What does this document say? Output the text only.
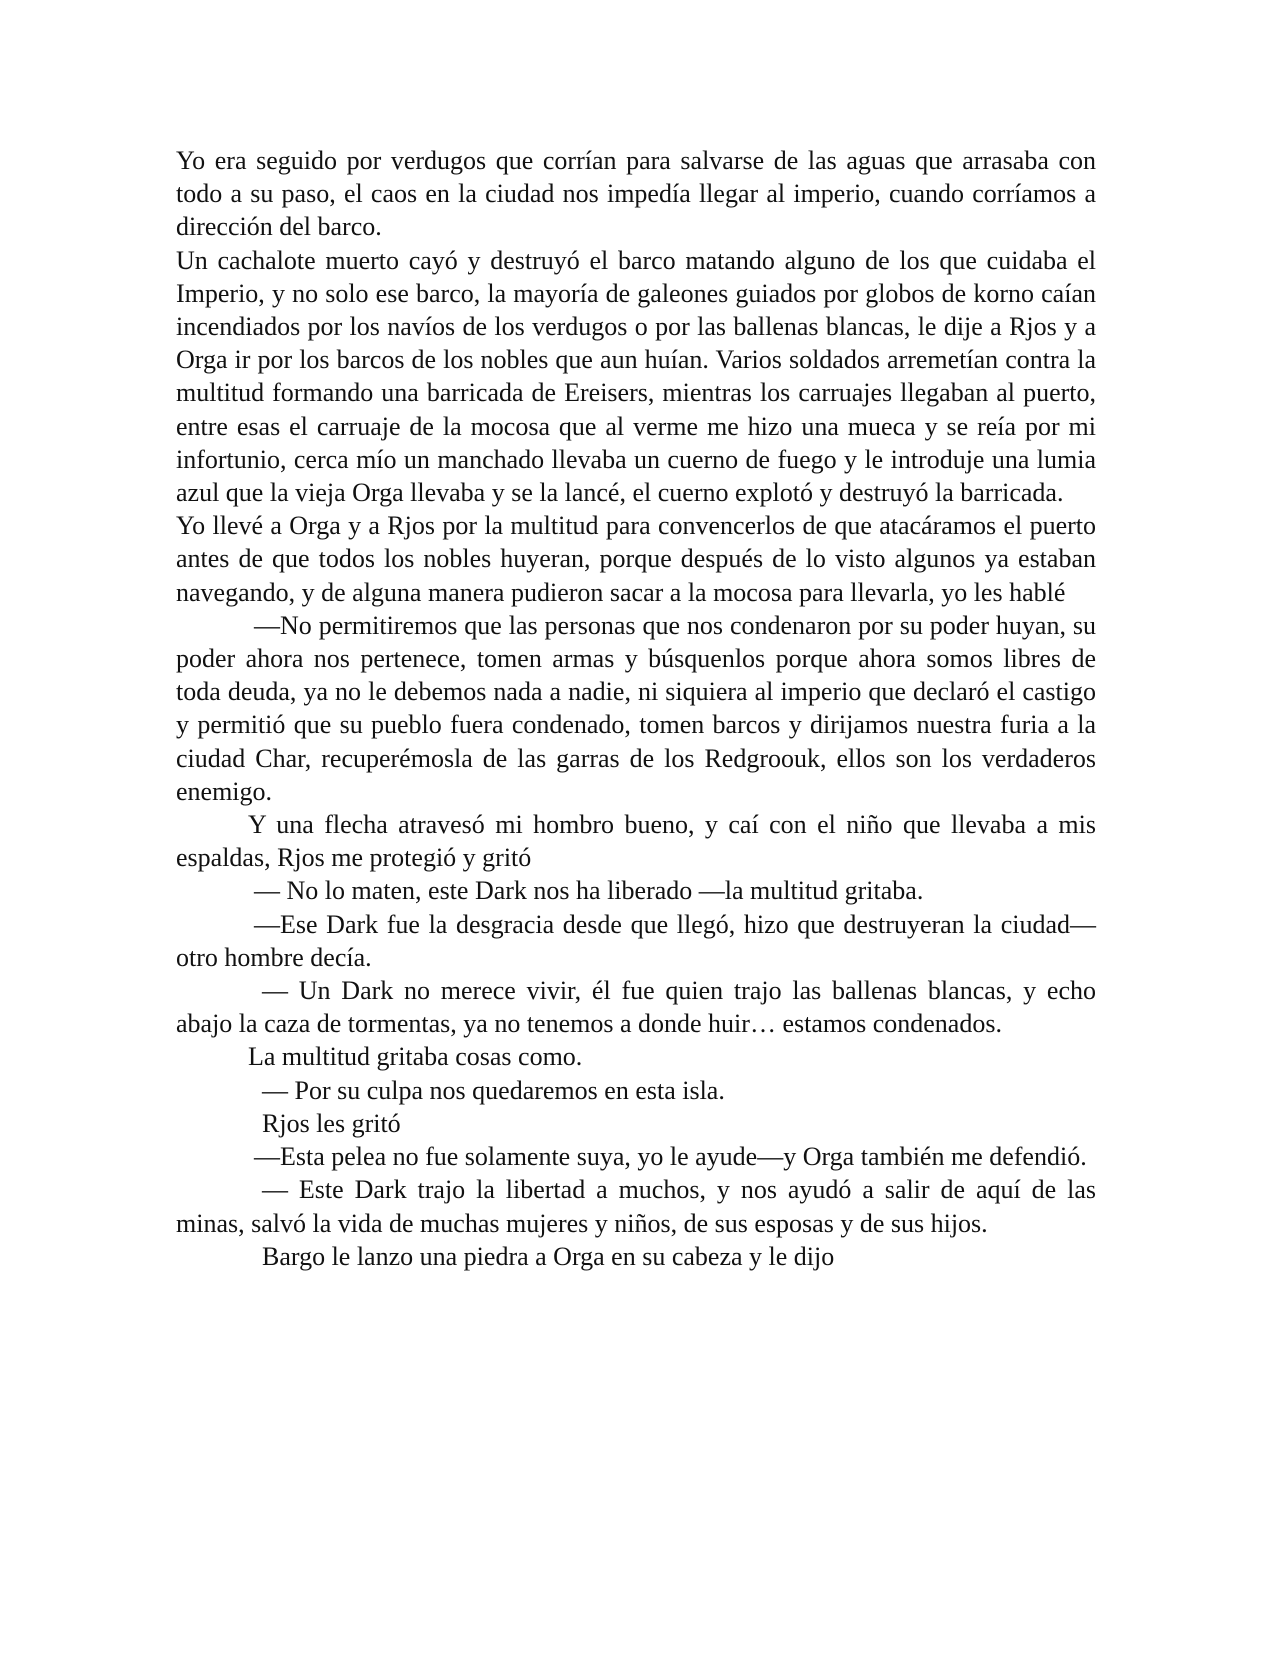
Yo era seguido por verdugos que corrían para salvarse de las aguas que arrasaba con todo a su paso, el caos en la ciudad nos impedía llegar al imperio, cuando corríamos a dirección del barco.

Un cachalote muerto cayó y destruyó el barco matando alguno de los que cuidaba el Imperio, y no solo ese barco, la mayoría de galeones guiados por globos de korno caían incendiados por los navíos de los verdugos o por las ballenas blancas, le dije a Rjos y a Orga ir por los barcos de los nobles que aun huían. Varios soldados arremetían contra la multitud formando una barricada de Ereisers, mientras los carruajes llegaban al puerto, entre esas el carruaje de la mocosa que al verme me hizo una mueca y se reía por mi infortunio, cerca mío un manchado llevaba un cuerno de fuego y le introduje una lumia azul que la vieja Orga llevaba y se la lancé, el cuerno explotó y destruyó la barricada.

Yo llevé a Orga y a Rjos por la multitud para convencerlos de que atacáramos el puerto antes de que todos los nobles huyeran, porque después de lo visto algunos ya estaban navegando, y de alguna manera pudieron sacar a la mocosa para llevarla, yo les hablé

—No permitiremos que las personas que nos condenaron por su poder huyan, su poder ahora nos pertenece, tomen armas y búsquenlos porque ahora somos libres de toda deuda, ya no le debemos nada a nadie, ni siquiera al imperio que declaró el castigo y permitió que su pueblo fuera condenado, tomen barcos y dirijamos nuestra furia a la ciudad Char, recuperémosla de las garras de los Redgroouk, ellos son los verdaderos enemigo.

Y una flecha atravesó mi hombro bueno, y caí con el niño que llevaba a mis espaldas, Rjos me protegió y gritó

— No lo maten, este Dark nos ha liberado —la multitud gritaba.

—Ese Dark fue la desgracia desde que llegó, hizo que destruyeran la ciudad—otro hombre decía.

— Un Dark no merece vivir, él fue quien trajo las ballenas blancas, y echo abajo la caza de tormentas, ya no tenemos a donde huir… estamos condenados.

La multitud gritaba cosas como.

— Por su culpa nos quedaremos en esta isla.

Rjos les gritó

—Esta pelea no fue solamente suya, yo le ayude—y Orga también me defendió.

— Este Dark trajo la libertad a muchos, y nos ayudó a salir de aquí de las minas, salvó la vida de muchas mujeres y niños, de sus esposas y de sus hijos.

Bargo le lanzo una piedra a Orga en su cabeza y le dijo
